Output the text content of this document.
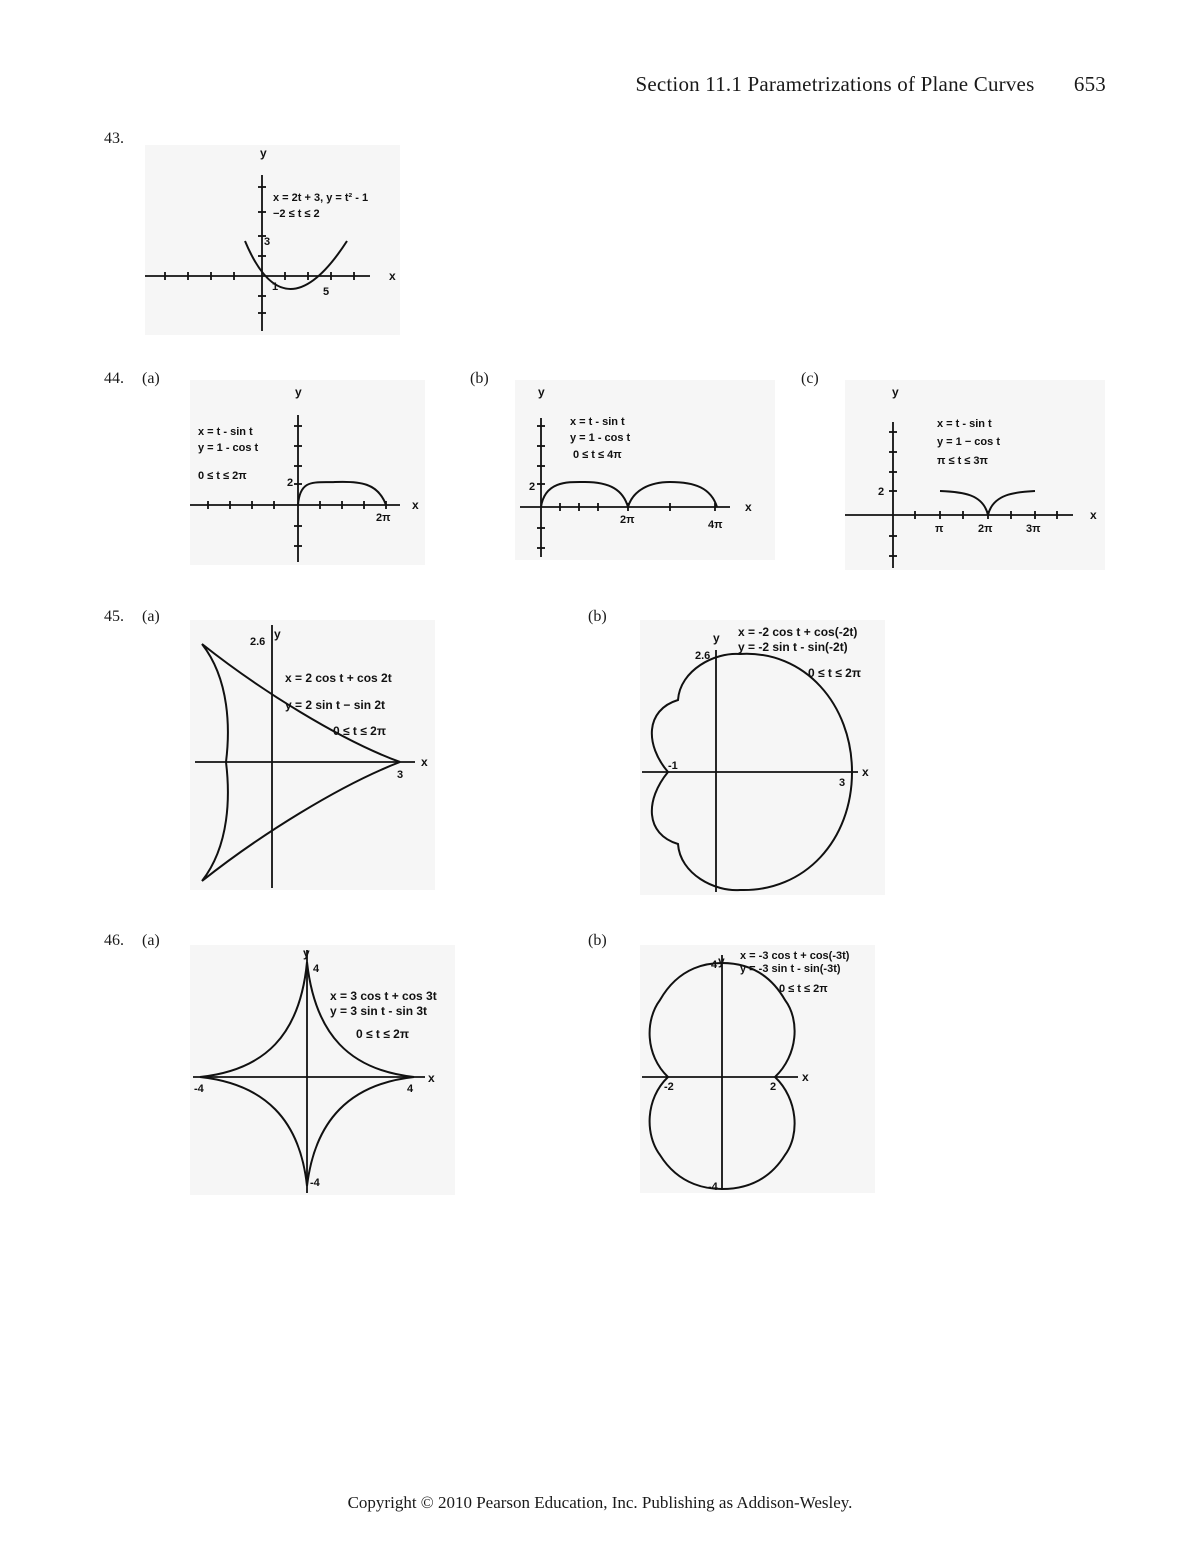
Section 11.1 Parametrizations of Plane Curves 653
43.
y
x
x = 2t + 3, y = t² - 1
−2 ≤ t ≤ 2
3
1	5
44. (a)	(b)	(c)
y
x
x = t - sin t
y = 1 - cos t
0 ≤ t ≤ 2π
2
2π
y
x
x = t - sin t
y = 1 - cos t
0 ≤ t ≤ 4π
2
2π	4π
y
x
x = t - sin t
y = 1 − cos t
π ≤ t ≤ 3π
2
π	2π	3π
45. (a)	(b)
y
x
2.6
3
x = 2 cos t + cos 2t
y = 2 sin t − sin 2t
0 ≤ t ≤ 2π
y
x
2.6
-1
3
x = -2 cos t + cos(-2t)
y = -2 sin t - sin(-2t)
0 ≤ t ≤ 2π
46. (a)	(b)
y
x
4
-4	4
-4
x = 3 cos t + cos 3t
y = 3 sin t - sin 3t
0 ≤ t ≤ 2π
y
x
4
-2	2
-4
x = -3 cos t + cos(-3t)
y = -3 sin t - sin(-3t)
0 ≤ t ≤ 2π
Copyright © 2010 Pearson Education, Inc. Publishing as Addison-Wesley.
